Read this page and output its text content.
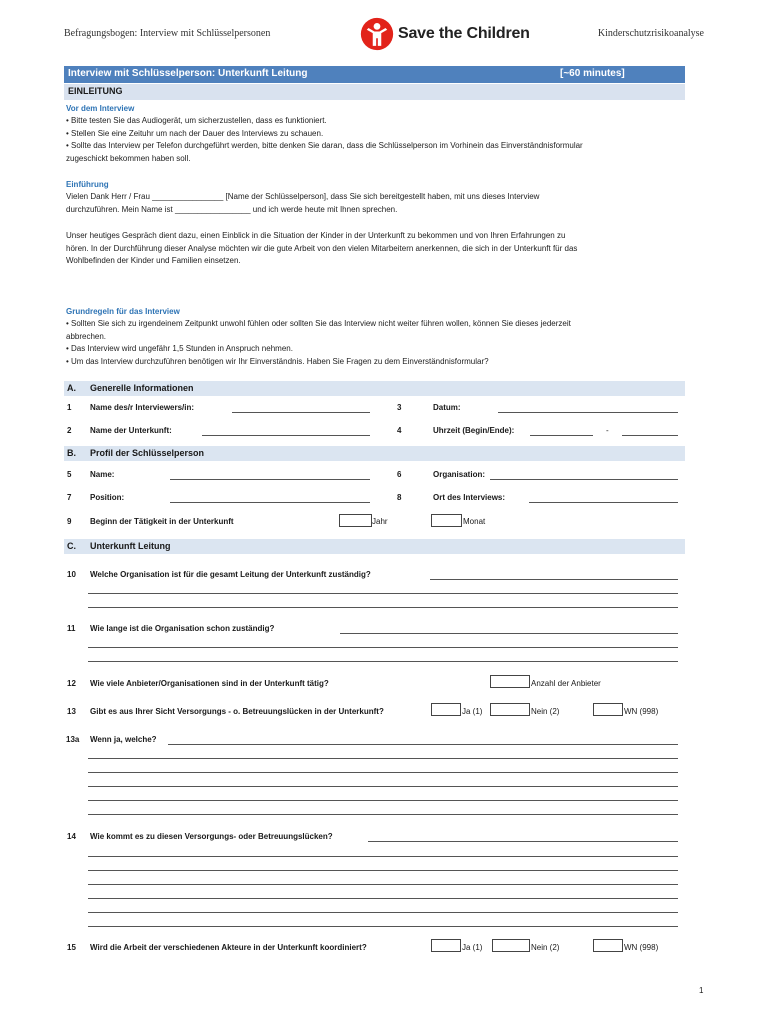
Befragungsbogen: Interview mit Schlüsselpersonen	Save the Children	Kinderschutzrisikoanalyse
Interview mit Schlüsselperson: Unterkunft Leitung	[~60 minutes]
EINLEITUNG
Vor dem Interview
• Bitte testen Sie das Audiogerät, um sicherzustellen, dass es funktioniert.
• Stellen Sie eine Zeituhr um nach der Dauer des Interviews zu schauen.
• Sollte das Interview per Telefon durchgeführt werden, bitte denken Sie daran, dass die Schlüsselperson im Vorhinein das Einverständnisformular
zugeschickt bekommen haben soll.
Einführung
Vielen Dank Herr / Frau ________________ [Name der Schlüsselperson], dass Sie sich bereitgestellt haben, mit uns dieses Interview
durchzuführen. Mein Name ist _________________ und ich werde heute mit Ihnen sprechen.
Unser heutiges Gespräch dient dazu, einen Einblick in die Situation der Kinder in der Unterkunft zu bekommen und von Ihren Erfahrungen zu
hören. In der Durchführung dieser Analyse möchten wir die gute Arbeit von den vielen Mitarbeitern anerkennen, die sich in der Unterkunft für das
Wohlbefinden der Kinder und Familien einsetzen.
Grundregeln für das Interview
• Sollten Sie sich zu irgendeinem Zeitpunkt unwohl fühlen oder sollten Sie das Interview nicht weiter führen wollen, können Sie dieses jederzeit
abbrechen.
• Das Interview wird ungefähr 1,5 Stunden in Anspruch nehmen.
• Um das Interview durchzuführen benötigen wir Ihr Einverständnis. Haben Sie Fragen zu dem Einverständnisformular?
A. Generelle Informationen
1 Name des/r Interviewers/in:	3	Datum:
2 Name der Unterkunft:	4	Uhrzeit (Begin/Ende):	-
B. Profil der Schlüsselperson
5 Name:	6	Organisation:
7 Position:	8	Ort des Interviews:
9 Beginn der Tätigkeit in der Unterkunft	Jahr	Monat
C. Unterkunft Leitung
10 Welche Organisation ist für die gesamt Leitung der Unterkunft zuständig?
11 Wie lange ist die Organisation schon zuständig?
12 Wie viele Anbieter/Organisationen sind in der Unterkunft tätig?	Anzahl der Anbieter
13 Gibt es aus Ihrer Sicht Versorgungs - o. Betreuungslücken in der Unterkunft?	Ja (1)	Nein (2)	WN (998)
13a Wenn ja, welche?
14 Wie kommt es zu diesen Versorgungs- oder Betreuungslücken?
15 Wird die Arbeit der verschiedenen Akteure in der Unterkunft koordiniert?	Ja (1)	Nein (2)	WN (998)
1
